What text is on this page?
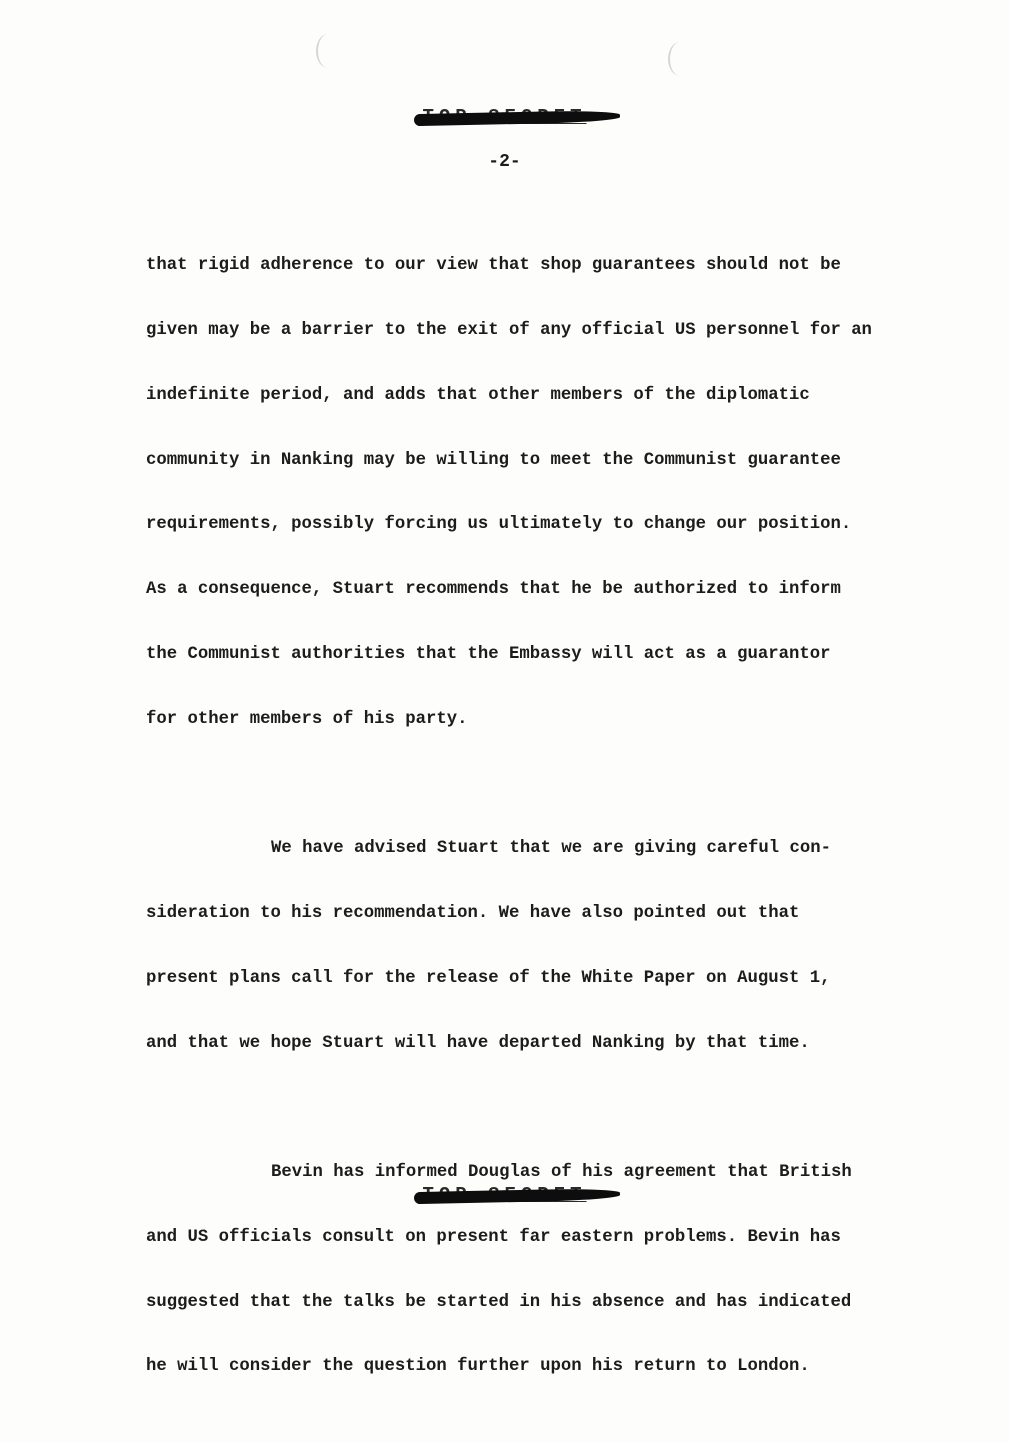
-2-

that rigid adherence to our view that shop guarantees should not be

given may be a barrier to the exit of any official US personnel for an

indefinite period, and adds that other members of the diplomatic

community in Nanking may be willing to meet the Communist guarantee

requirements, possibly forcing us ultimately to change our position.

As a consequence, Stuart recommends that he be authorized to inform

the Communist authorities that the Embassy will act as a guarantor

for other members of his party.

We have advised Stuart that we are giving careful con-

sideration to his recommendation. We have also pointed out that

present plans call for the release of the White Paper on August 1,

and that we hope Stuart will have departed Nanking by that time.

Bevin has informed Douglas of his agreement that British

and US officials consult on present far eastern problems. Bevin has

suggested that the talks be started in his absence and has indicated

he will consider the question further upon his return to London.
